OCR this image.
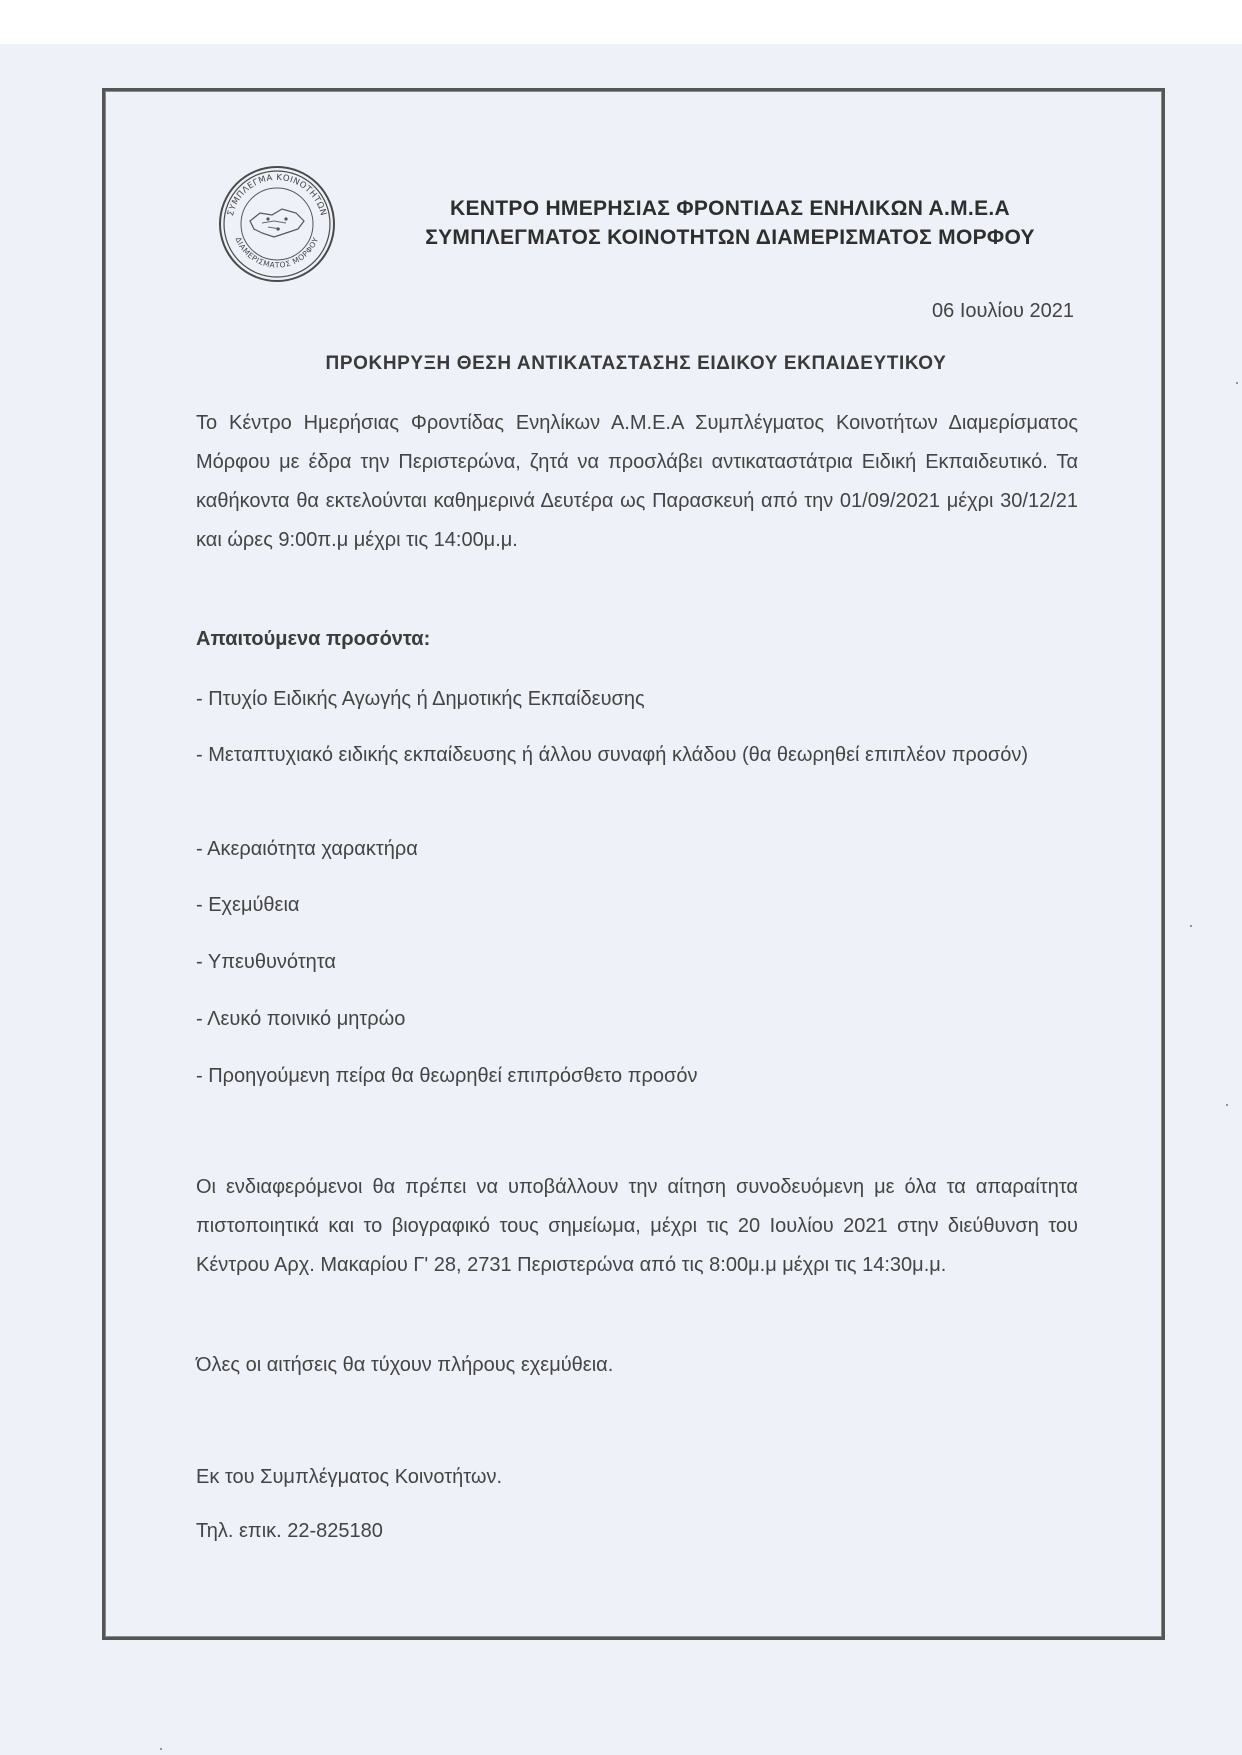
ΣΥΜΠΛΕΓΜΑ ΚΟΙΝΟΤΗΤΩΝ
ΔΙΑΜΕΡΙΣΜΑΤΟΣ ΜΟΡΦΟΥ
ΚΕΝΤΡΟ ΗΜΕΡΗΣΙΑΣ ΦΡΟΝΤΙΔΑΣ ΕΝΗΛΙΚΩΝ Α.Μ.Ε.Α
ΣΥΜΠΛΕΓΜΑΤΟΣ ΚΟΙΝΟΤΗΤΩΝ ΔΙΑΜΕΡΙΣΜΑΤΟΣ ΜΟΡΦΟΥ
06 Ιουλίου 2021
ΠΡΟΚΗΡΥΞΗ ΘΕΣΗ ΑΝΤΙΚΑΤΑΣΤΑΣΗΣ ΕΙΔΙΚΟΥ ΕΚΠΑΙΔΕΥΤΙΚΟΥ
Το Κέντρο Ημερήσιας Φροντίδας Ενηλίκων Α.Μ.Ε.Α Συμπλέγματος Κοινοτήτων Διαμερίσματος Μόρφου με έδρα την Περιστερώνα, ζητά να προσλάβει αντικαταστάτρια Ειδική Εκπαιδευτικό. Τα καθήκοντα θα εκτελούνται καθημερινά Δευτέρα ως Παρασκευή από την 01/09/2021 μέχρι 30/12/21 και ώρες 9:00π.μ μέχρι τις 14:00μ.μ.
Απαιτούμενα προσόντα:
- Πτυχίο Ειδικής Αγωγής ή Δημοτικής Εκπαίδευσης
- Μεταπτυχιακό ειδικής εκπαίδευσης ή άλλου συναφή κλάδου (θα θεωρηθεί επιπλέον προσόν)
- Ακεραιότητα χαρακτήρα
- Εχεμύθεια
- Υπευθυνότητα
- Λευκό ποινικό μητρώο
- Προηγούμενη πείρα θα θεωρηθεί επιπρόσθετο προσόν
Οι ενδιαφερόμενοι θα πρέπει να υποβάλλουν την αίτηση συνοδευόμενη με όλα τα απαραίτητα πιστοποιητικά και το βιογραφικό τους σημείωμα, μέχρι τις 20 Ιουλίου 2021 στην διεύθυνση του Κέντρου Αρχ. Μακαρίου Γ' 28, 2731 Περιστερώνα από τις 8:00μ.μ μέχρι τις 14:30μ.μ.
Όλες οι αιτήσεις θα τύχουν πλήρους εχεμύθεια.
Εκ του Συμπλέγματος Κοινοτήτων.
Τηλ. επικ. 22-825180
